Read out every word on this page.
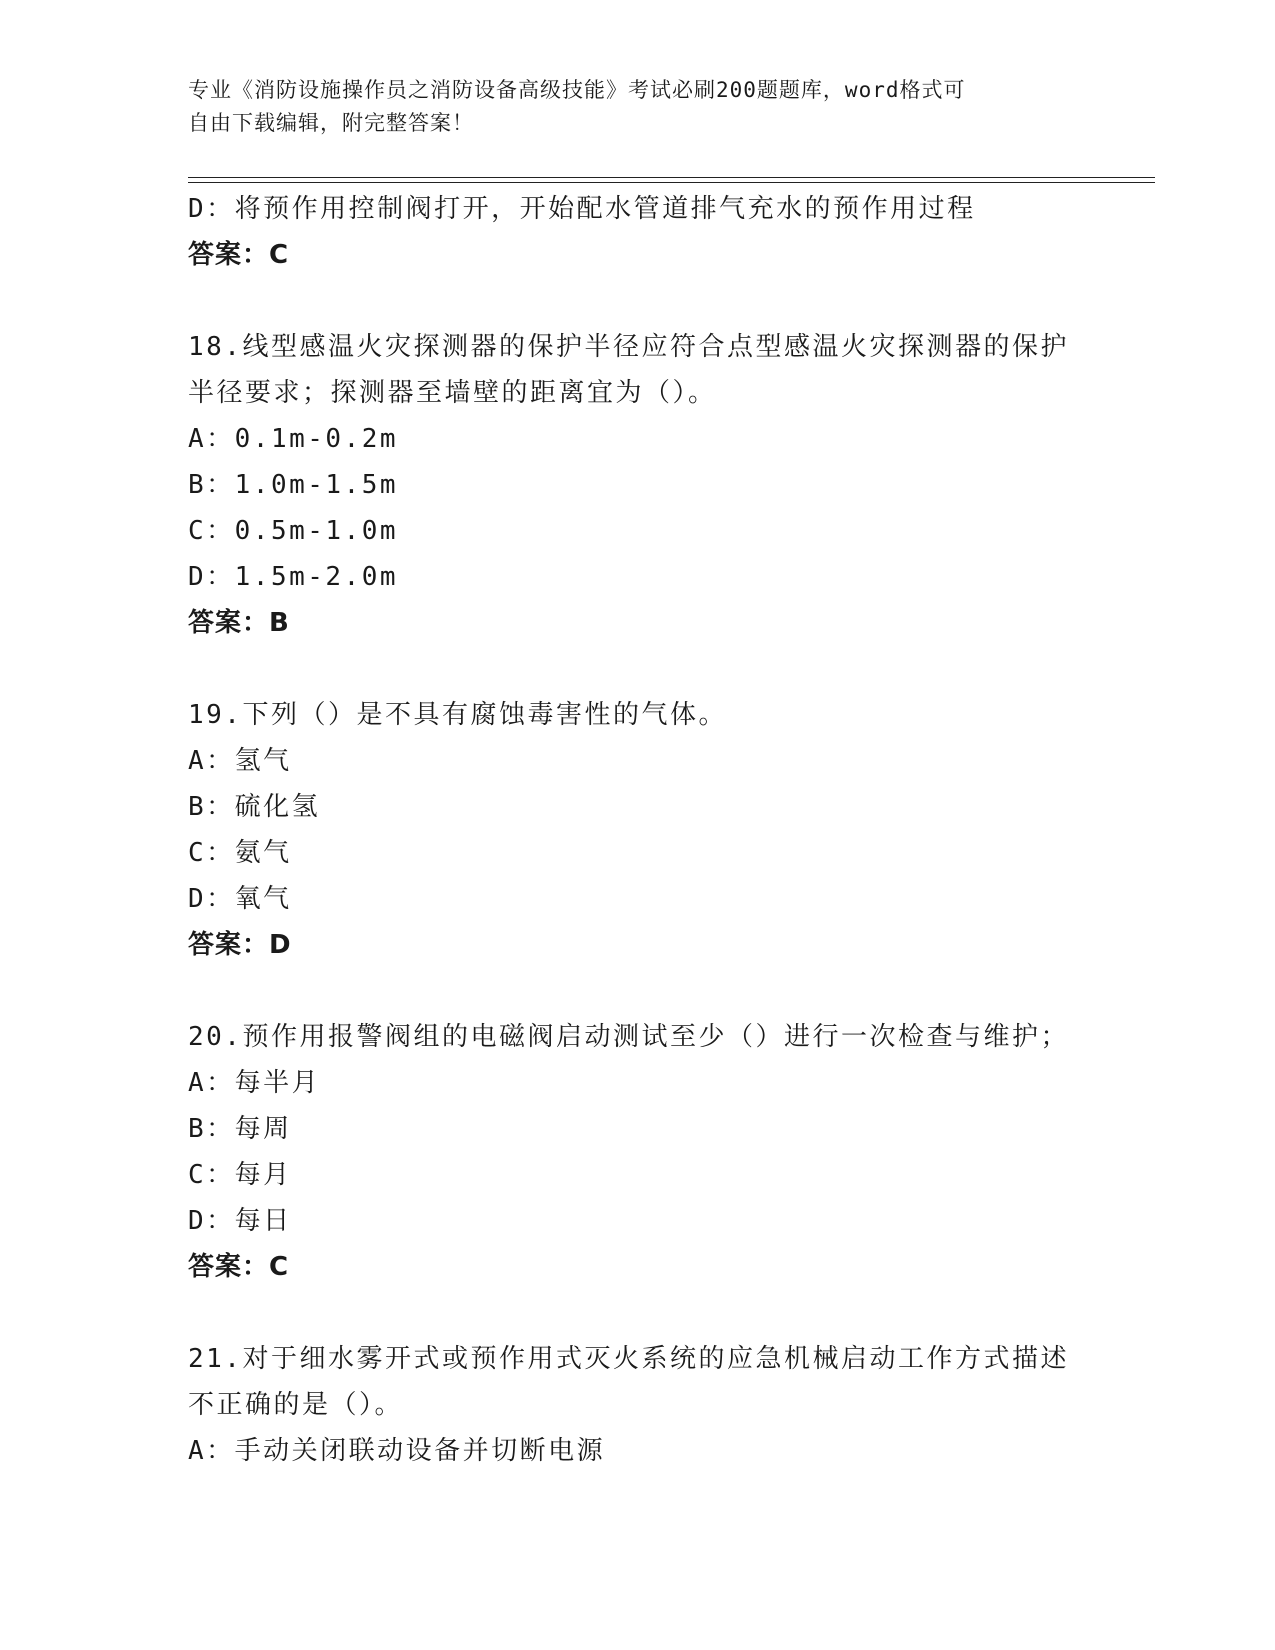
专业《消防设施操作员之消防设备高级技能》考试必刷200题题库，word格式可
自由下载编辑，附完整答案！
D：将预作用控制阀打开，开始配水管道排气充水的预作用过程
答案：C
18.线型感温火灾探测器的保护半径应符合点型感温火灾探测器的保护
半径要求；探测器至墙壁的距离宜为（）。
A：0.1m-0.2m
B：1.0m-1.5m
C：0.5m-1.0m
D：1.5m-2.0m
答案：B
19.下列（）是不具有腐蚀毒害性的气体。
A：氢气
B：硫化氢
C：氨气
D：氧气
答案：D
20.预作用报警阀组的电磁阀启动测试至少（）进行一次检查与维护；
A：每半月
B：每周
C：每月
D：每日
答案：C
21.对于细水雾开式或预作用式灭火系统的应急机械启动工作方式描述
不正确的是（）。
A：手动关闭联动设备并切断电源
